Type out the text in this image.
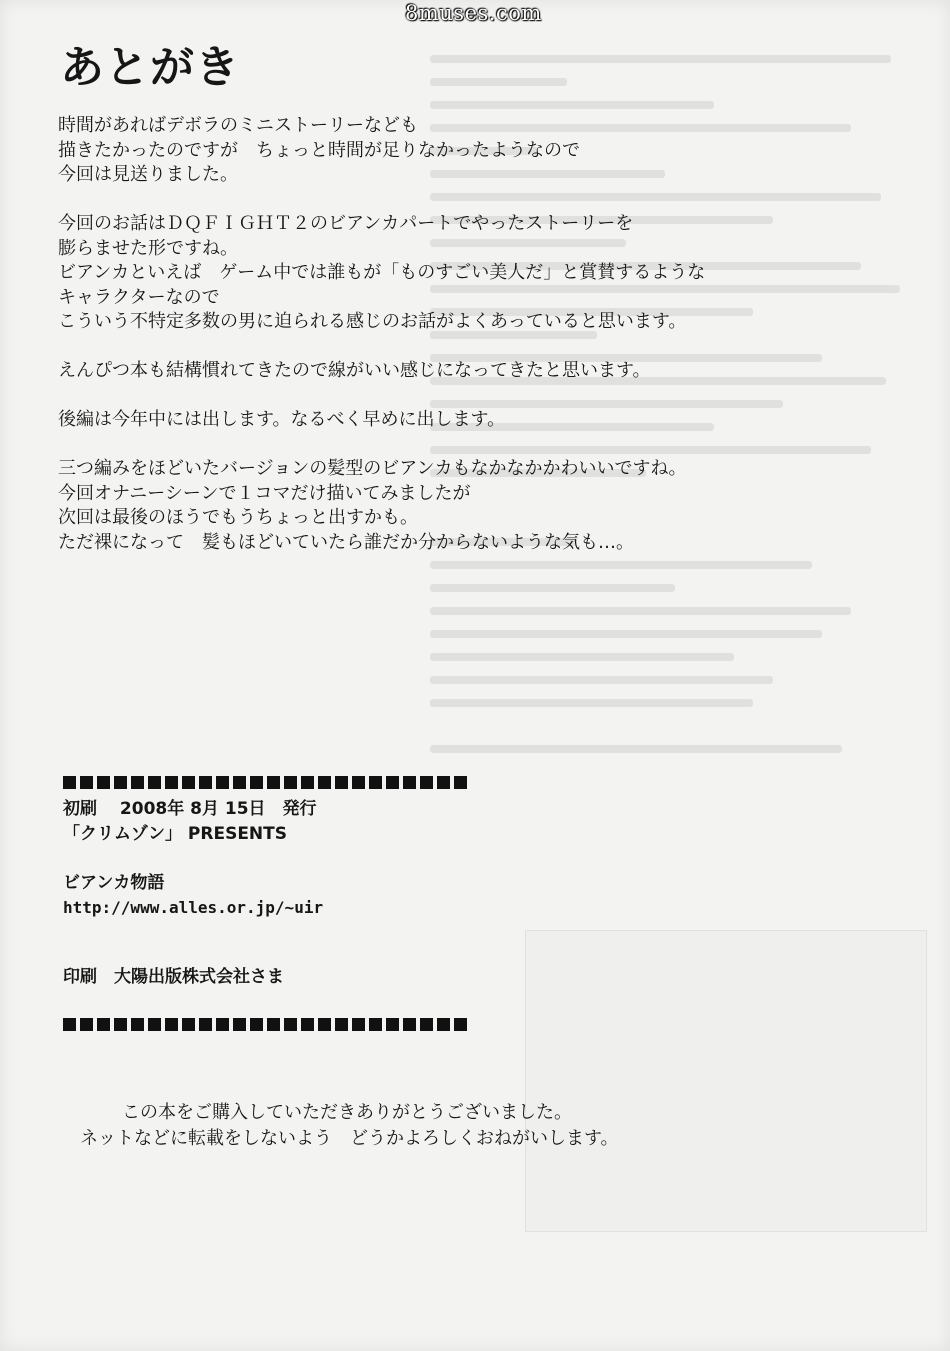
8muses.com
あとがき
時間があればデボラのミニストーリーなども
描きたかったのですが　ちょっと時間が足りなかったようなので
今回は見送りました。
今回のお話はＤＱＦＩＧＨＴ２のビアンカパートでやったストーリーを
膨らませた形ですね。
ビアンカといえば　ゲーム中では誰もが「ものすごい美人だ」と賞賛するような
キャラクターなので
こういう不特定多数の男に迫られる感じのお話がよくあっていると思います。
えんぴつ本も結構慣れてきたので線がいい感じになってきたと思います。
後編は今年中には出します。なるべく早めに出します。
三つ編みをほどいたバージョンの髪型のビアンカもなかなかかわいいですね。
今回オナニーシーンで１コマだけ描いてみましたが
次回は最後のほうでもうちょっと出すかも。
ただ裸になって　髪もほどいていたら誰だか分からないような気も…。
初刷　 2008年 8月 15日　発行
「クリムゾン」 PRESENTS
ビアンカ物語
http://www.alles.or.jp/~uir
印刷　大陽出版株式会社さま
この本をご購入していただきありがとうございました。
ネットなどに転載をしないよう　どうかよろしくおねがいします。
